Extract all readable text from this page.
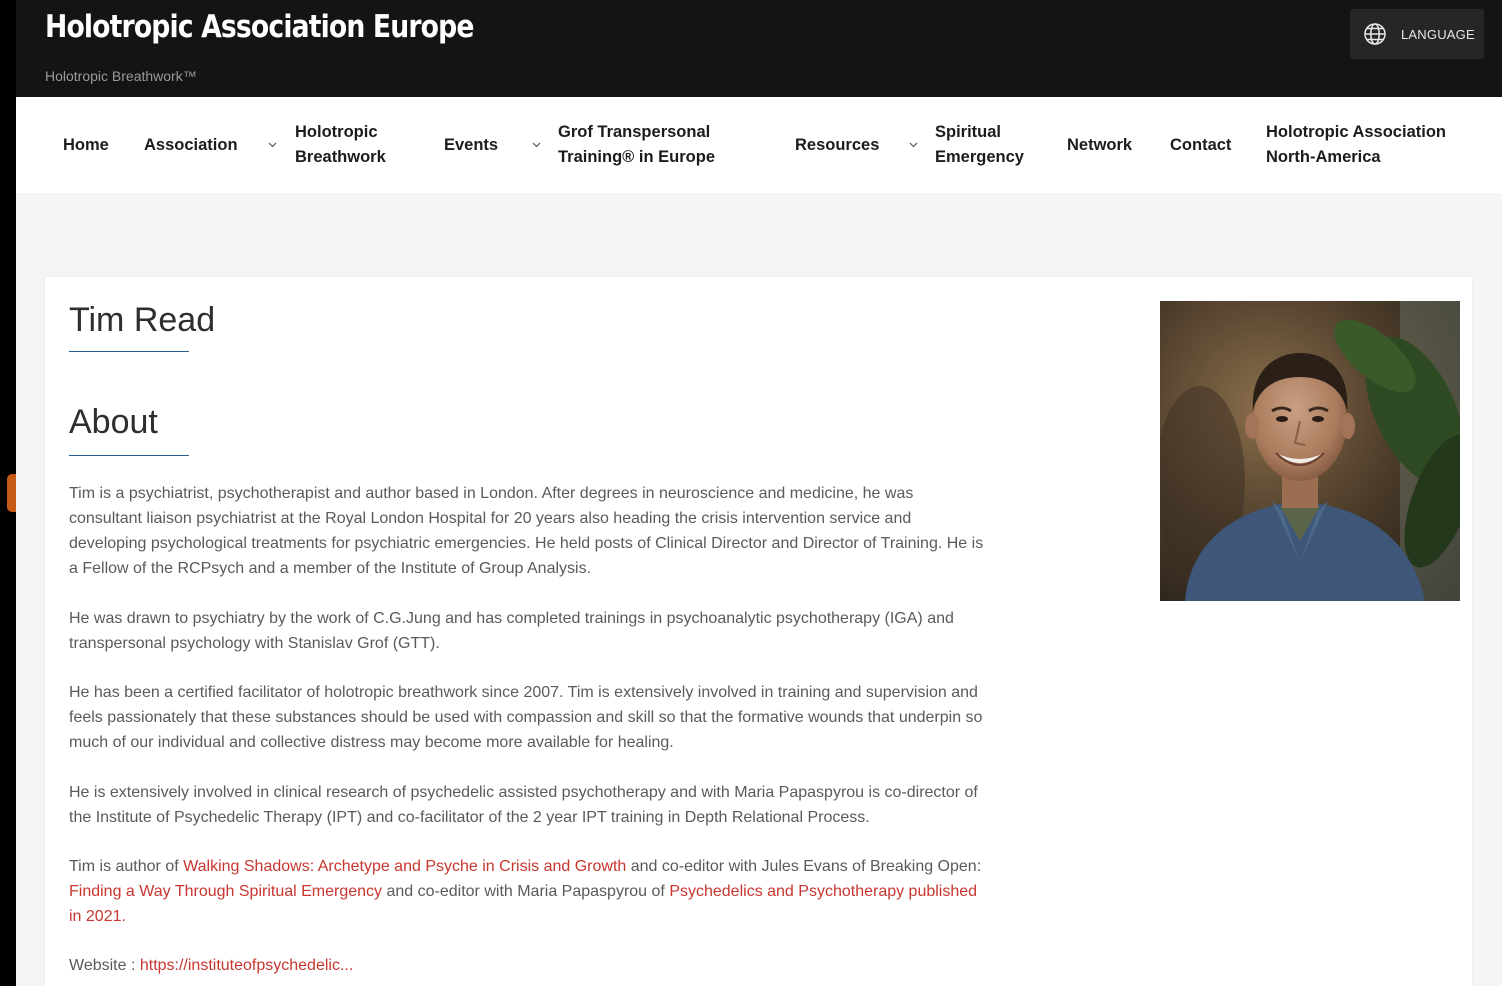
Holotropic Association Europe
Holotropic Breathwork™
LANGUAGE
Home Association
Holotropic
Breathwork
Events
Grof Transpersonal
Training® in Europe
Resources
Spiritual
Emergency
Network Contact
Holotropic Association
North-America
Tim Read
About

Tim is a psychiatrist, psychotherapist and author based in London. After degrees in neuroscience and medicine, he was consultant liaison psychiatrist at the Royal London Hospital for 20 years also heading the crisis intervention service and developing psychological treatments for psychiatric emergencies. He held posts of Clinical Director and Director of Training. He is a Fellow of the RCPsych and a member of the Institute of Group Analysis.

He was drawn to psychiatry by the work of C.G.Jung and has completed trainings in psychoanalytic psychotherapy (IGA) and transpersonal psychology with Stanislav Grof (GTT).

He has been a certified facilitator of holotropic breathwork since 2007. Tim is extensively involved in training and supervision and feels passionately that these substances should be used with compassion and skill so that the formative wounds that underpin so much of our individual and collective distress may become more available for healing.

He is extensively involved in clinical research of psychedelic assisted psychotherapy and with Maria Papaspyrou is co-director of the Institute of Psychedelic Therapy (IPT) and co-facilitator of the 2 year IPT training in Depth Relational Process.

Tim is author of Walking Shadows: Archetype and Psyche in Crisis and Growth and co-editor with Jules Evans of Breaking Open: Finding a Way Through Spiritual Emergency and co-editor with Maria Papaspyrou of Psychedelics and Psychotherapy published in 2021.

Website : https://instituteofpsychedelic...
